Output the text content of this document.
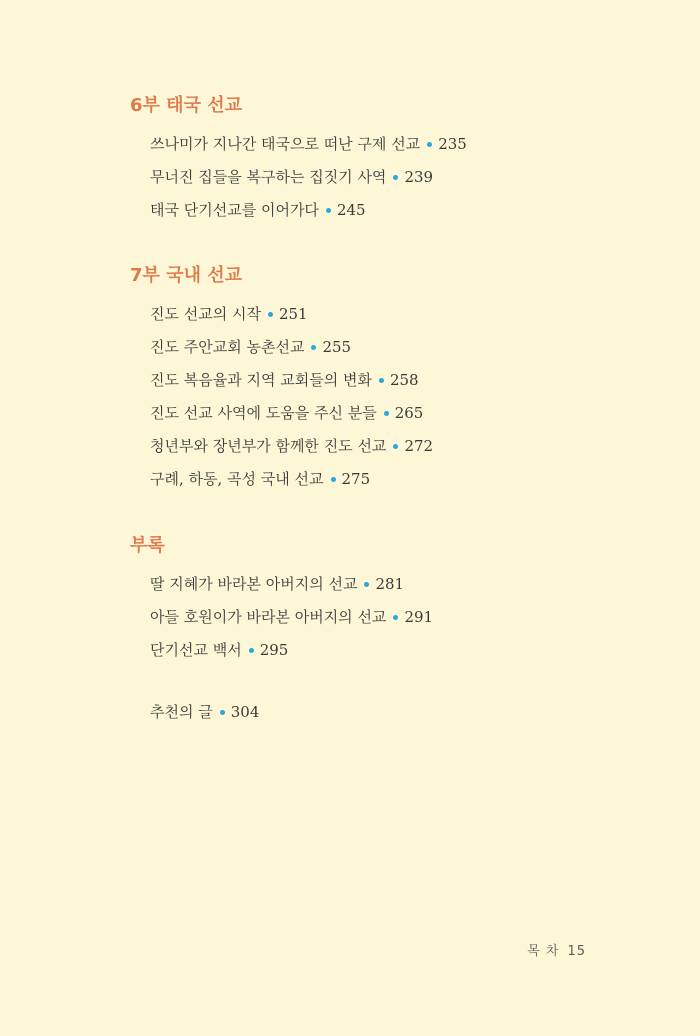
6부 태국 선교
쓰나미가 지나간 태국으로 떠난 구제 선교 235
무너진 집들을 복구하는 집짓기 사역 239
태국 단기선교를 이어가다 245
7부 국내 선교
진도 선교의 시작 251
진도 주안교회 농촌선교 255
진도 복음율과 지역 교회들의 변화 258
진도 선교 사역에 도움을 주신 분들 265
청년부와 장년부가 함께한 진도 선교 272
구례, 하동, 곡성 국내 선교 275
부록
딸 지혜가 바라본 아버지의 선교 281
아들 호원이가 바라본 아버지의 선교 291
단기선교 백서 295
추천의 글 304
목 차 15
